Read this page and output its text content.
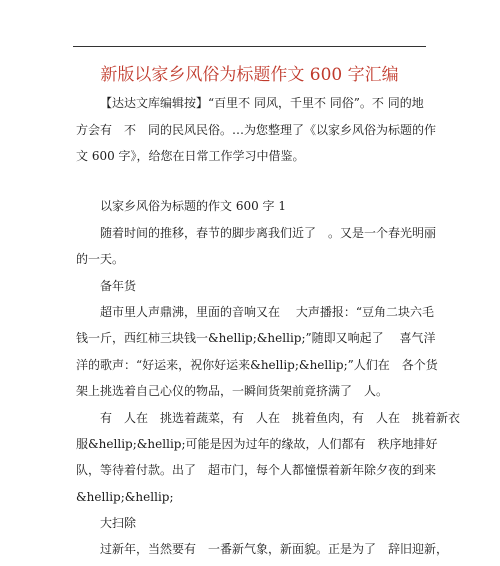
新版以家乡风俗为标题作文 600 字汇编
【达达文库编辑按】“百里不 同风，千里不 同俗”。不 同的地
方会有　不　同的民风民俗。…为您整理了《以家乡风俗为标题的作
文 600 字》，给您在日常工作学习中借鉴。
以家乡风俗为标题的作文 600 字 1
随着时间的推移，春节的脚步离我们近了　。又是一个春光明丽
的一天。
备年货
超市里人声鼎沸，里面的音响又在　 大声播报：“豆角二块六毛
钱一斤，西红柿三块钱一&hellip;&hellip;”随即又响起了　 喜气洋
洋的歌声：“好运来，祝你好运来&hellip;&hellip;”人们在　各个货
架上挑选着自己心仪的物品，一瞬间货架前竟挤满了　人。
有　人在　挑选着蔬菜，有　人在　挑着鱼肉，有　人在　挑着新衣
服&hellip;&hellip;可能是因为过年的缘故，人们都有　秩序地排好
队，等待着付款。出了　超市门，每个人都憧憬着新年除夕夜的到来
&hellip;&hellip;
大扫除
过新年，当然要有　一番新气象，新面貌。正是为了　辞旧迎新，
